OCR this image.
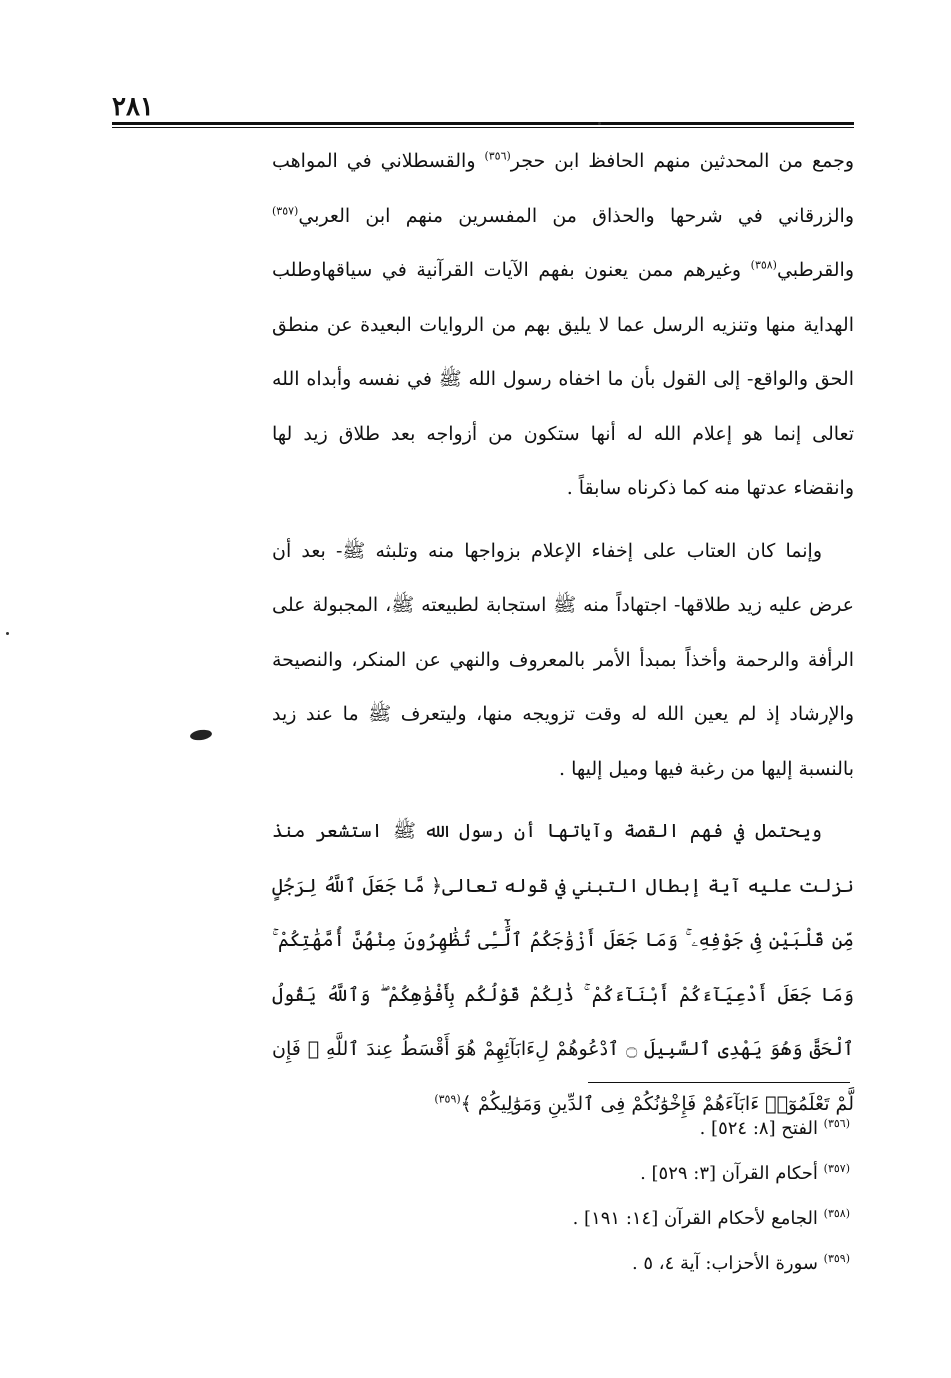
٢٨١

وجمع من المحدثين منهم الحافظ ابن حجر$^{(٣٥٦)}$ والقسطلاني في المواهب والزرقاني في شرحها والحذاق من المفسرين منهم ابن العربي$^{(٣٥٧)}$ والقرطبي$^{(٣٥٨)}$ وغيرهم ممن يعنون بفهم الآيات القرآنية في سياقهاوطلب الهداية منها وتنزيه الرسل عما لا يليق بهم من الروايات البعيدة عن منطق الحق والواقع- إلى القول بأن ما اخفاه رسول الله ﷺ في نفسه وأبداه الله تعالى إنما هو إعلام الله له أنها ستكون من أزواجه بعد طلاق زيد لها وانقضاء عدتها منه كما ذكرناه سابقاً .

وإنما كان العتاب على إخفاء الإعلام بزواجها منه وتلبثه ﷺ- بعد أن عرض عليه زيد طلاقها- اجتهاداً منه ﷺ استجابة لطبيعته ﷺ، المجبولة على الرأفة والرحمة وأخذاً بمبدأ الأمر بالمعروف والنهي عن المنكر، والنصيحة والإرشاد إذ لم يعين الله له وقت تزويجه منها، وليتعرف ﷺ ما عند زيد بالنسبة إليها من رغبة فيها وميل إليها .

ويحتمل في فهم القصة وآياتها أن رسول الله ﷺ استشعر منذ نزلت عليه آية إبطال التبني في قوله تعالى﴿ مَّا جَعَلَ ٱللَّهُ لِرَجُلٍ مِّن قَلْبَيْنِ فِى جَوْفِهِۦ ۚ وَمَا جَعَلَ أَزْوَٰجَكُمُ ٱلَّٰٓـِٔى تُظَٰهِرُونَ مِنْهُنَّ أُمَّهَٰتِكُمْ ۚ وَمَا جَعَلَ أَدْعِيَآءَكُمْ أَبْنَآءَكُمْ ۚ ذَٰلِكُمْ قَوْلُكُم بِأَفْوَٰهِكُمْ ۖ وَٱللَّهُ يَقُولُ ٱلْحَقَّ وَهُوَ يَهْدِى ٱلسَّبِيلَ ۝ ٱدْعُوهُمْ لِءَابَآئِهِمْ هُوَ أَقْسَطُ عِندَ ٱللَّهِ ۚ فَإِن لَّمْ تَعْلَمُوٓا۟ ءَابَآءَهُمْ فَإِخْوَٰنُكُمْ فِى ٱلدِّينِ وَمَوَٰلِيكُمْ ﴾$^{(٣٥٩)}$

$^{(٣٥٦)}$ الفتح [٨: ٥٢٤] .

$^{(٣٥٧)}$ أحكام القرآن [٣: ٥٢٩] .

$^{(٣٥٨)}$ الجامع لأحكام القرآن [١٤: ١٩١] .

$^{(٣٥٩)}$ سورة الأحزاب: آية ٤، ٥ .
